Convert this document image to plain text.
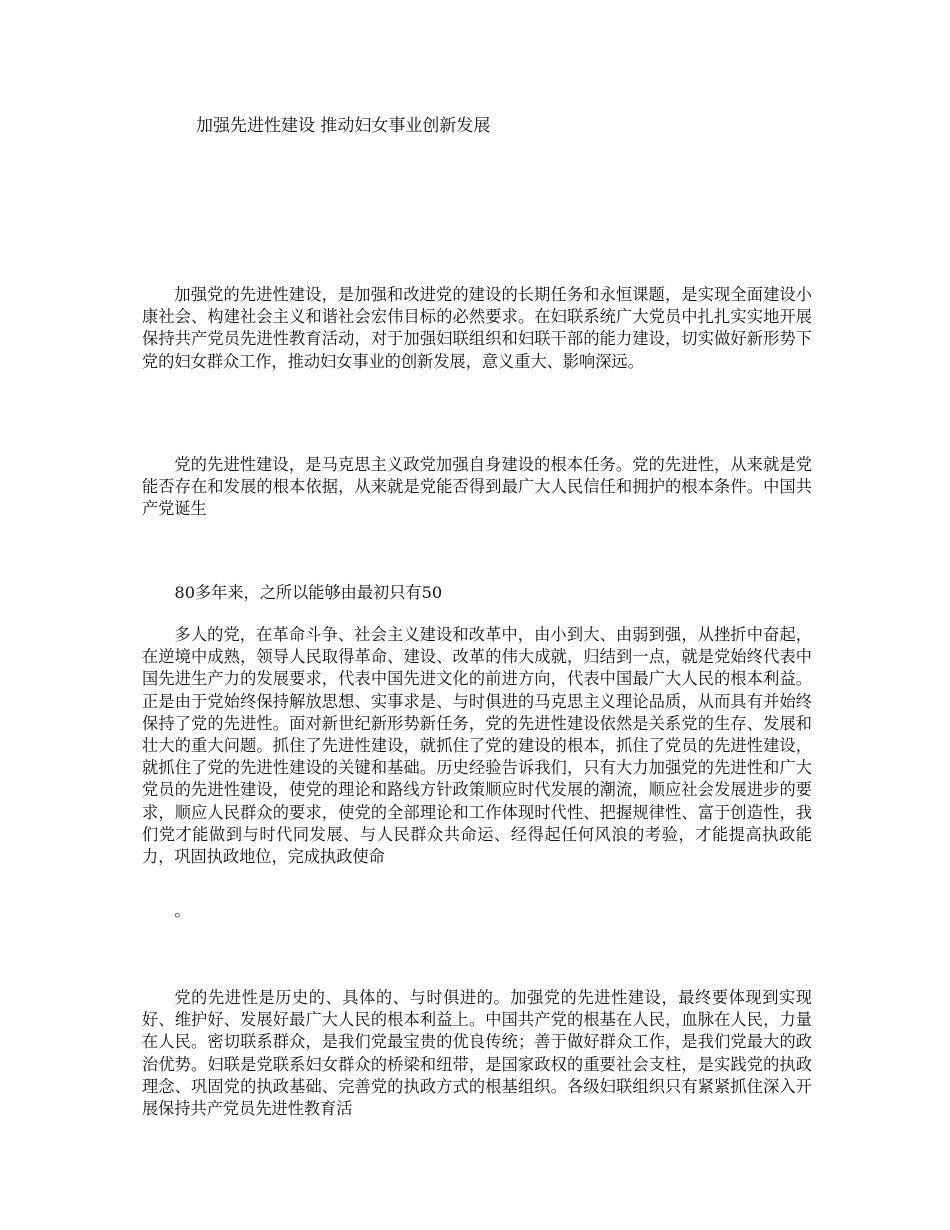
加强先进性建设 推动妇女事业创新发展

加强党的先进性建设，是加强和改进党的建设的长期任务和永恒课题，是实现全面建设小康社会、构建社会主义和谐社会宏伟目标的必然要求。在妇联系统广大党员中扎扎实实地开展保持共产党员先进性教育活动，对于加强妇联组织和妇联干部的能力建设，切实做好新形势下党的妇女群众工作，推动妇女事业的创新发展，意义重大、影响深远。

党的先进性建设，是马克思主义政党加强自身建设的根本任务。党的先进性，从来就是党能否存在和发展的根本依据，从来就是党能否得到最广大人民信任和拥护的根本条件。中国共产党诞生

80多年来，之所以能够由最初只有50

多人的党，在革命斗争、社会主义建设和改革中，由小到大、由弱到强，从挫折中奋起，在逆境中成熟，领导人民取得革命、建设、改革的伟大成就，归结到一点，就是党始终代表中国先进生产力的发展要求，代表中国先进文化的前进方向，代表中国最广大人民的根本利益。正是由于党始终保持解放思想、实事求是、与时俱进的马克思主义理论品质，从而具有并始终保持了党的先进性。面对新世纪新形势新任务，党的先进性建设依然是关系党的生存、发展和壮大的重大问题。抓住了先进性建设，就抓住了党的建设的根本，抓住了党员的先进性建设，就抓住了党的先进性建设的关键和基础。历史经验告诉我们，只有大力加强党的先进性和广大党员的先进性建设，使党的理论和路线方针政策顺应时代发展的潮流，顺应社会发展进步的要求，顺应人民群众的要求，使党的全部理论和工作体现时代性、把握规律性、富于创造性，我们党才能做到与时代同发展、与人民群众共命运、经得起任何风浪的考验，才能提高执政能力，巩固执政地位，完成执政使命

。

党的先进性是历史的、具体的、与时俱进的。加强党的先进性建设，最终要体现到实现好、维护好、发展好最广大人民的根本利益上。中国共产党的根基在人民，血脉在人民，力量在人民。密切联系群众，是我们党最宝贵的优良传统；善于做好群众工作，是我们党最大的政治优势。妇联是党联系妇女群众的桥梁和纽带，是国家政权的重要社会支柱，是实践党的执政理念、巩固党的执政基础、完善党的执政方式的根基组织。各级妇联组织只有紧紧抓住深入开展保持共产党员先进性教育活
